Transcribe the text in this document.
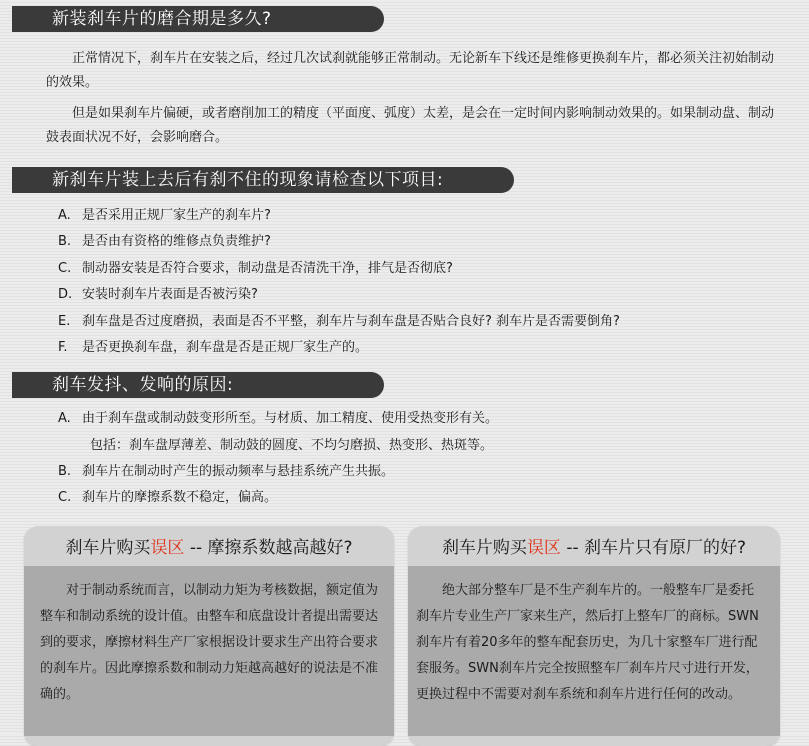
新装刹车片的磨合期是多久?

正常情况下，刹车片在安装之后，经过几次试刹就能够正常制动。无论新车下线还是维修更换刹车片，都必须关注初始制动的效果。

但是如果刹车片偏硬，或者磨削加工的精度（平面度、弧度）太差，是会在一定时间内影响制动效果的。如果制动盘、制动鼓表面状况不好，会影响磨合。

新刹车片装上去后有刹不住的现象请检查以下项目:
A. 是否采用正规厂家生产的刹车片?
B. 是否由有资格的维修点负责维护?
C. 制动器安装是否符合要求，制动盘是否清洗干净，排气是否彻底?
D. 安装时刹车片表面是否被污染?
E. 刹车盘是否过度磨损，表面是否不平整，刹车片与刹车盘是否贴合良好? 刹车片是否需要倒角?
F. 是否更换刹车盘，刹车盘是否是正规厂家生产的。
刹车发抖、发响的原因:
A. 由于刹车盘或制动鼓变形所至。与材质、加工精度、使用受热变形有关。
包括：刹车盘厚薄差、制动鼓的圆度、不均匀磨损、热变形、热斑等。
B. 刹车片在制动时产生的振动频率与悬挂系统产生共振。
C. 刹车片的摩擦系数不稳定，偏高。
刹车片购买误区 -- 摩擦系数越高越好?

对于制动系统而言，以制动力矩为考核数据，额定值为整车和制动系统的设计值。由整车和底盘设计者提出需要达到的要求，摩擦材料生产厂家根据设计要求生产出符合要求的刹车片。因此摩擦系数和制动力矩越高越好的说法是不准确的。

刹车片购买误区 -- 刹车片只有原厂的好?

绝大部分整车厂是不生产刹车片的。一般整车厂是委托刹车片专业生产厂家来生产，然后打上整车厂的商标。SWN刹车片有着20多年的整车配套历史，为几十家整车厂进行配套服务。SWN刹车片完全按照整车厂刹车片尺寸进行开发，更换过程中不需要对刹车系统和刹车片进行任何的改动。
